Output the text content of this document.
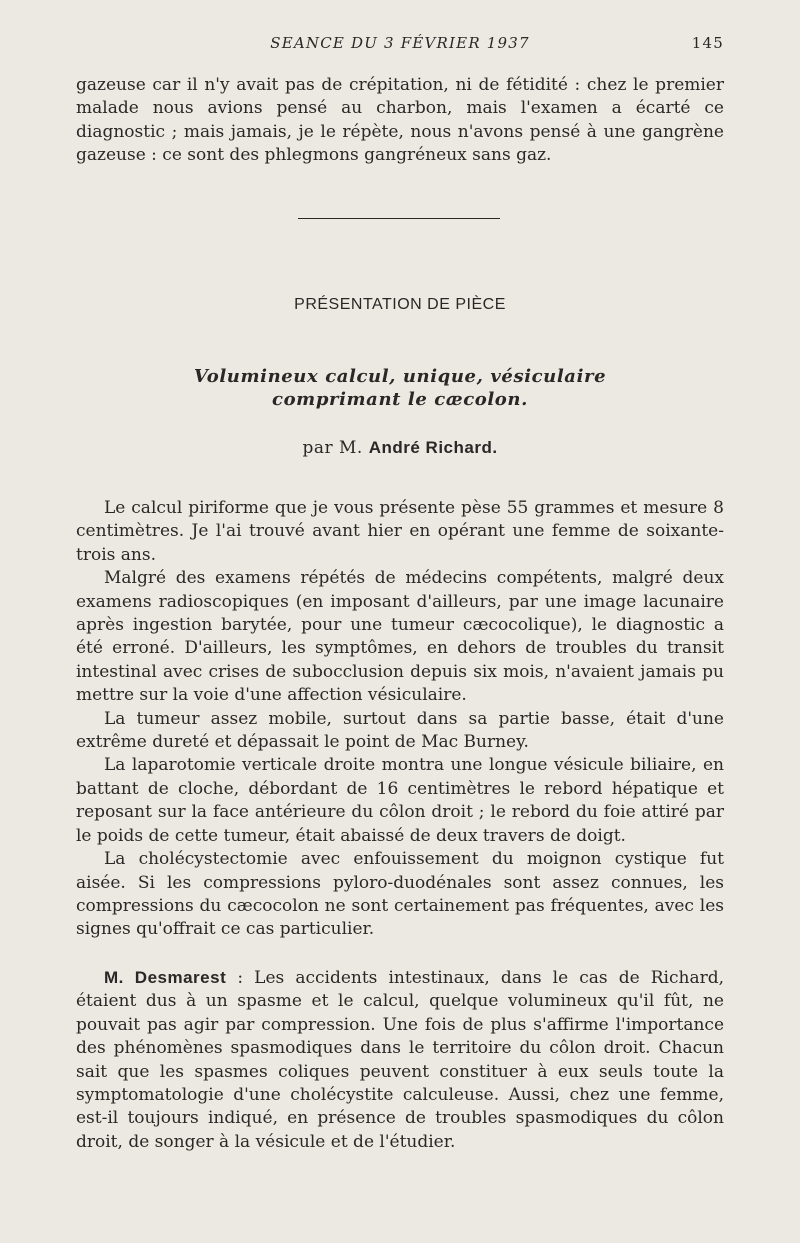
SEANCE DU 3 FÉVRIER 1937	145

gazeuse car il n'y avait pas de crépitation, ni de fétidité : chez le premier malade nous avions pensé au charbon, mais l'examen a écarté ce diagnostic ; mais jamais, je le répète, nous n'avons pensé à une gangrène gazeuse : ce sont des phlegmons gangréneux sans gaz.

PRÉSENTATION DE PIÈCE
Volumineux calcul, unique, vésiculaire
comprimant le cæcolon.
par M. André Richard.

Le calcul piriforme que je vous présente pèse 55 grammes et mesure 8 centimètres. Je l'ai trouvé avant hier en opérant une femme de soixante-trois ans.

Malgré des examens répétés de médecins compétents, malgré deux examens radioscopiques (en imposant d'ailleurs, par une image lacunaire après ingestion barytée, pour une tumeur cæcocolique), le diagnostic a été erroné. D'ailleurs, les symptômes, en dehors de troubles du transit intestinal avec crises de subocclusion depuis six mois, n'avaient jamais pu mettre sur la voie d'une affection vésiculaire.

La tumeur assez mobile, surtout dans sa partie basse, était d'une extrême dureté et dépassait le point de Mac Burney.

La laparotomie verticale droite montra une longue vésicule biliaire, en battant de cloche, débordant de 16 centimètres le rebord hépatique et reposant sur la face antérieure du côlon droit ; le rebord du foie attiré par le poids de cette tumeur, était abaissé de deux travers de doigt.

La cholécystectomie avec enfouissement du moignon cystique fut aisée. Si les compressions pyloro-duodénales sont assez connues, les compressions du cæcocolon ne sont certainement pas fréquentes, avec les signes qu'offrait ce cas particulier.

M. Desmarest : Les accidents intestinaux, dans le cas de Richard, étaient dus à un spasme et le calcul, quelque volumineux qu'il fût, ne pouvait pas agir par compression. Une fois de plus s'affirme l'importance des phénomènes spasmodiques dans le territoire du côlon droit. Chacun sait que les spasmes coliques peuvent constituer à eux seuls toute la symptomatologie d'une cholécystite calculeuse. Aussi, chez une femme, est-il toujours indiqué, en présence de troubles spasmodiques du côlon droit, de songer à la vésicule et de l'étudier.
